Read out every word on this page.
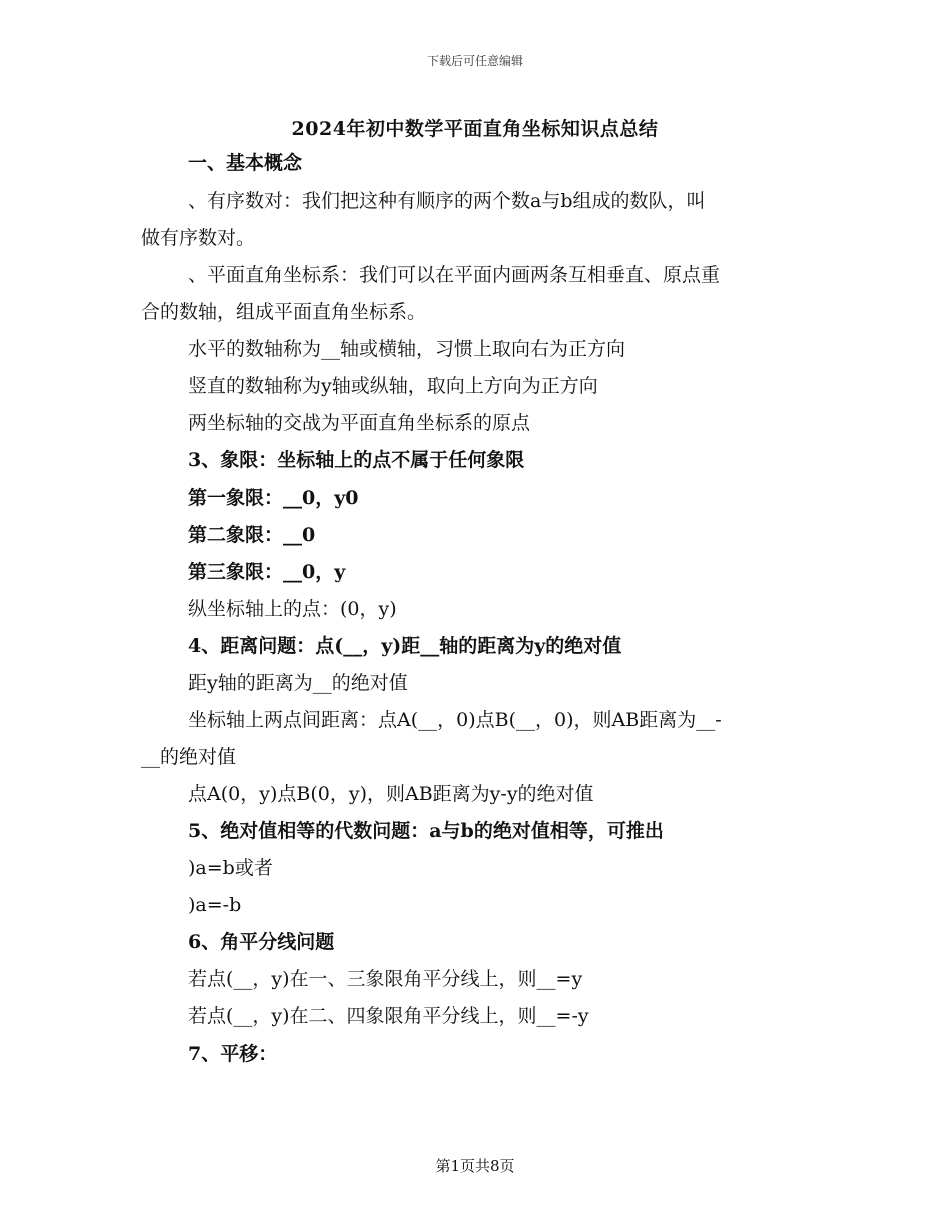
下载后可任意编辑
2024年初中数学平面直角坐标知识点总结

一、基本概念

、有序数对：我们把这种有顺序的两个数a与b组成的数队，叫

做有序数对。

、平面直角坐标系：我们可以在平面内画两条互相垂直、原点重

合的数轴，组成平面直角坐标系。

水平的数轴称为__轴或横轴，习惯上取向右为正方向

竖直的数轴称为y轴或纵轴，取向上方向为正方向

两坐标轴的交战为平面直角坐标系的原点

3、象限：坐标轴上的点不属于任何象限

第一象限：__0，y0

第二象限：__0

第三象限：__0，y

纵坐标轴上的点：(0，y)

4、距离问题：点(__，y)距__轴的距离为y的绝对值

距y轴的距离为__的绝对值

坐标轴上两点间距离：点A(__，0)点B(__，0)，则AB距离为__-

__的绝对值

点A(0，y)点B(0，y)，则AB距离为y-y的绝对值

5、绝对值相等的代数问题：a与b的绝对值相等，可推出

)a=b或者

)a=-b

6、角平分线问题

若点(__，y)在一、三象限角平分线上，则__=y

若点(__，y)在二、四象限角平分线上，则__=-y

7、平移：

第1页共8页
